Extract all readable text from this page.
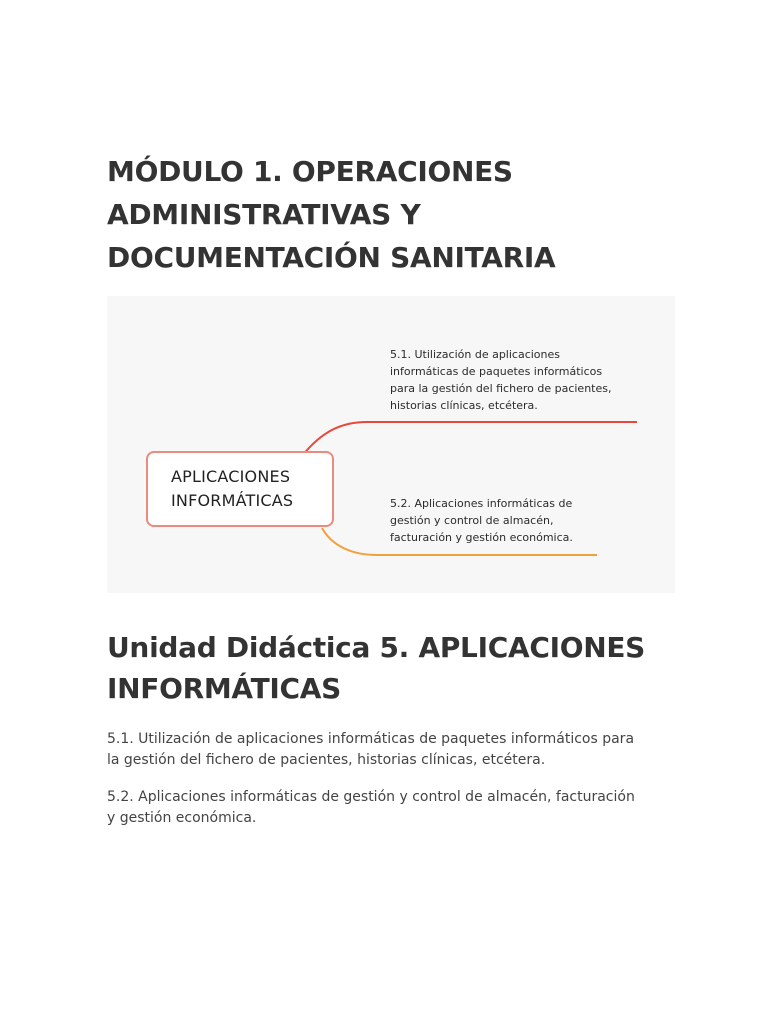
MÓDULO 1. OPERACIONES ADMINISTRATIVAS Y DOCUMENTACIÓN SANITARIA
APLICACIONES
INFORMÁTICAS

5.1. Utilización de aplicaciones
informáticas de paquetes informáticos
para la gestión del fichero de pacientes,
historias clínicas, etcétera.

5.2. Aplicaciones informáticas de
gestión y control de almacén,
facturación y gestión económica.

Unidad Didáctica 5. APLICACIONES INFORMÁTICAS

5.1. Utilización de aplicaciones informáticas de paquetes informáticos para la gestión del fichero de pacientes, historias clínicas, etcétera.

5.2. Aplicaciones informáticas de gestión y control de almacén, facturación y gestión económica.
